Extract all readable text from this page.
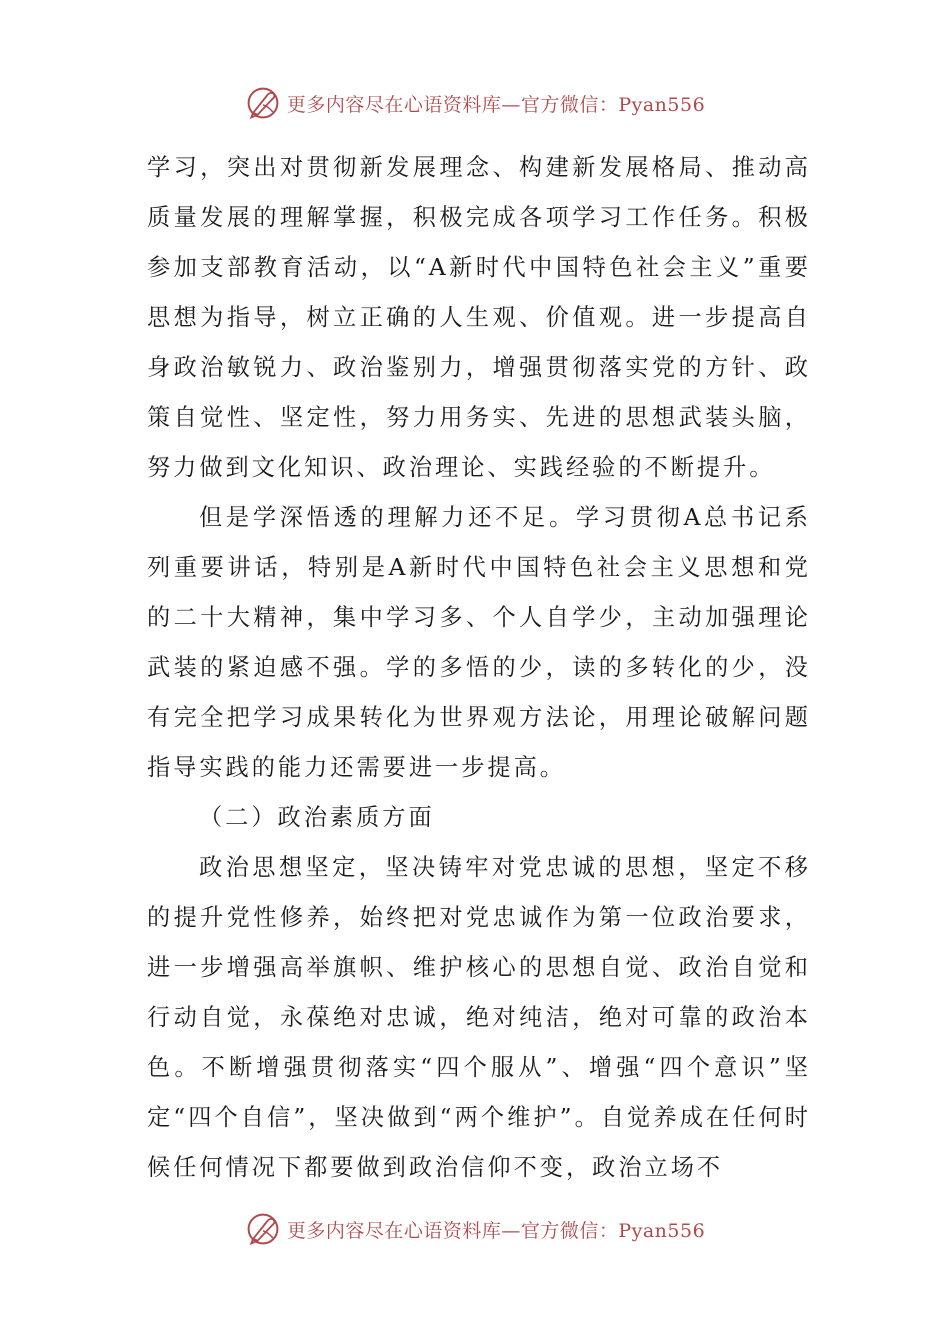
更多内容尽在心语资料库—官方微信：Pyan556

学习，突出对贯彻新发展理念、构建新发展格局、推动高质量发展的理解掌握，积极完成各项学习工作任务。积极参加支部教育活动，以“A新时代中国特色社会主义”重要思想为指导，树立正确的人生观、价值观。进一步提高自身政治敏锐力、政治鉴别力，增强贯彻落实党的方针、政策自觉性、坚定性，努力用务实、先进的思想武装头脑，努力做到文化知识、政治理论、实践经验的不断提升。

但是学深悟透的理解力还不足。学习贯彻A总书记系列重要讲话，特别是A新时代中国特色社会主义思想和党的二十大精神，集中学习多、个人自学少，主动加强理论武装的紧迫感不强。学的多悟的少，读的多转化的少，没有完全把学习成果转化为世界观方法论，用理论破解问题指导实践的能力还需要进一步提高。

（二）政治素质方面

政治思想坚定，坚决铸牢对党忠诚的思想，坚定不移的提升党性修养，始终把对党忠诚作为第一位政治要求，进一步增强高举旗帜、维护核心的思想自觉、政治自觉和行动自觉，永葆绝对忠诚，绝对纯洁，绝对可靠的政治本色。不断增强贯彻落实“四个服从”、增强“四个意识”坚定“四个自信”，坚决做到“两个维护”。自觉养成在任何时候任何情况下都要做到政治信仰不变，政治立场不

更多内容尽在心语资料库—官方微信：Pyan556
